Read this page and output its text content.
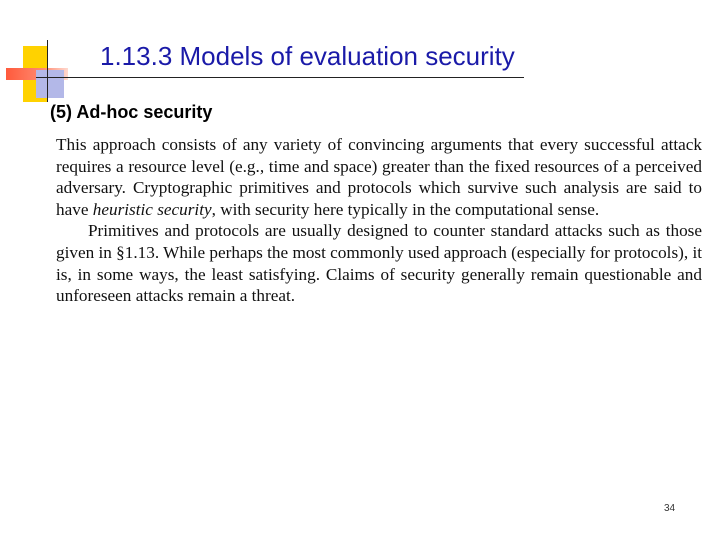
1.13.3 Models of evaluation security
(5) Ad-hoc security

This approach consists of any variety of convincing arguments that every successful attack requires a resource level (e.g., time and space) greater than the fixed resources of a perceived adversary. Cryptographic primitives and protocols which survive such analysis are said to have heuristic security, with security here typically in the computational sense.

Primitives and protocols are usually designed to counter standard attacks such as those given in §1.13. While perhaps the most commonly used approach (especially for protocols), it is, in some ways, the least satisfying. Claims of security generally remain questionable and unforeseen attacks remain a threat.

34
